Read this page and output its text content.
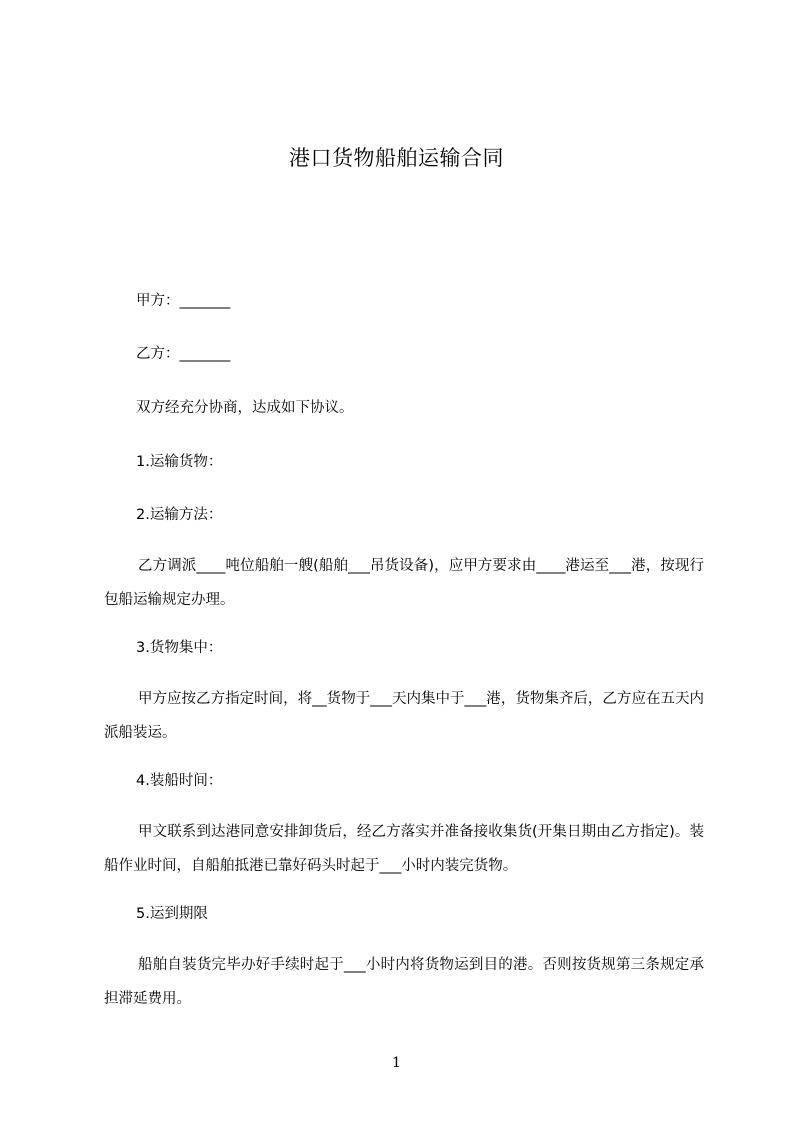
港口货物船舶运输合同
甲方：_______
乙方：_______
双方经充分协商，达成如下协议。
1.运输货物：
2.运输方法：
乙方调派____吨位船舶一艘(船舶___吊货设备)，应甲方要求由____港运至___港，按现行包船运输规定办理。
3.货物集中：
甲方应按乙方指定时间，将__货物于___天内集中于___港，货物集齐后，乙方应在五天内派船装运。
4.装船时间：
甲文联系到达港同意安排卸货后，经乙方落实并准备接收集货(开集日期由乙方指定)。装船作业时间，自船舶抵港已靠好码头时起于___小时内装完货物。
5.运到期限
船舶自装货完毕办好手续时起于___小时内将货物运到目的港。否则按货规第三条规定承担滞延费用。
1
